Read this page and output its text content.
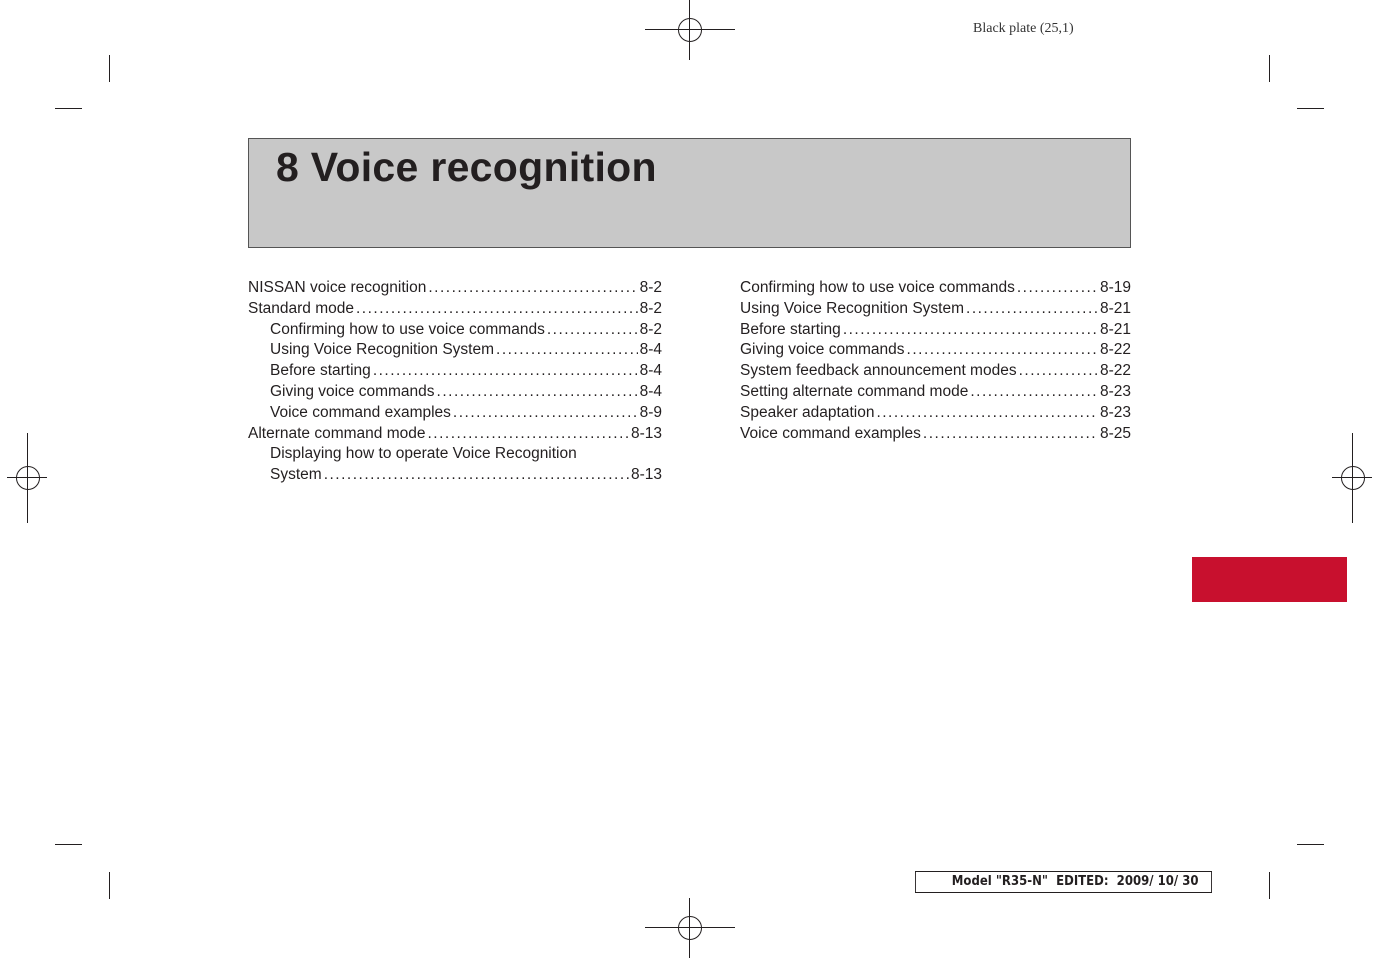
Black plate (25,1)
8 Voice recognition
NISSAN voice recognition .....	8-2
Standard mode .....	8-2
Confirming how to use voice commands .....	8-2
Using Voice Recognition System .....	8-4
Before starting .....	8-4
Giving voice commands .....	8-4
Voice command examples .....	8-9
Alternate command mode .....	8-13
Displaying how to operate Voice Recognition
System .....	8-13
Confirming how to use voice commands .....	8-19
Using Voice Recognition System .....	8-21
Before starting .....	8-21
Giving voice commands .....	8-22
System feedback announcement modes .....	8-22
Setting alternate command mode .....	8-23
Speaker adaptation .....	8-23
Voice command examples .....	8-25
Model "R35-N"  EDITED:  2009/ 10/ 30
